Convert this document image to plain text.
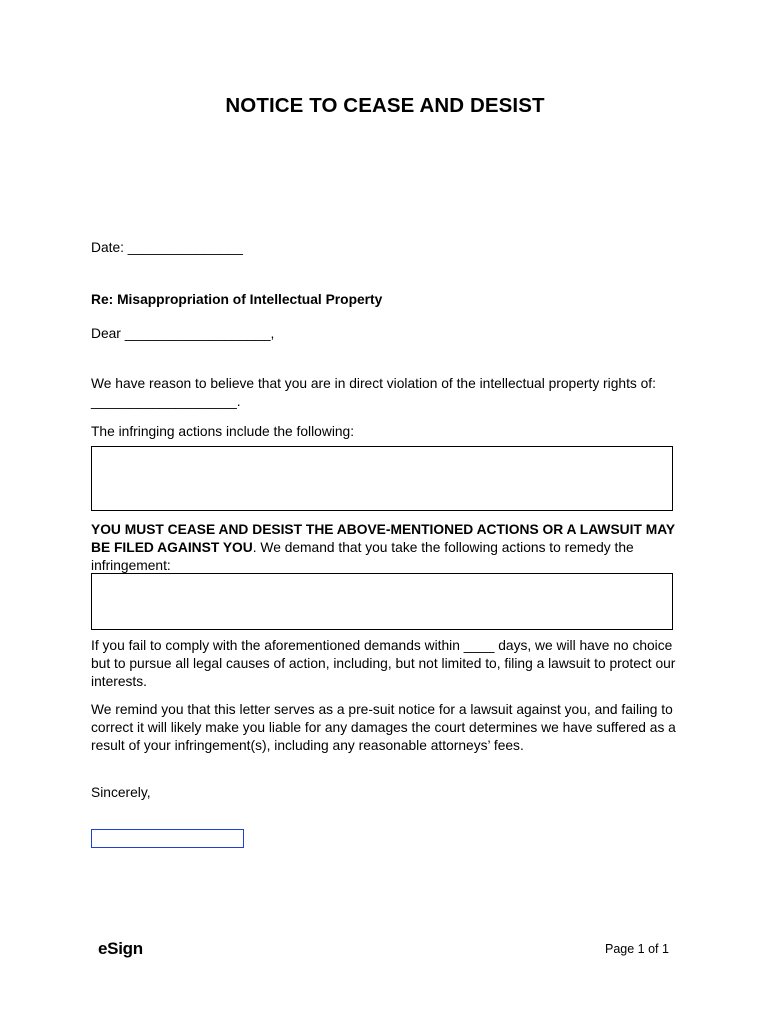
NOTICE TO CEASE AND DESIST
Date: _______________
Re: Misappropriation of Intellectual Property
Dear ___________________,
We have reason to believe that you are in direct violation of the intellectual property rights of: ___________________.
The infringing actions include the following:
YOU MUST CEASE AND DESIST THE ABOVE-MENTIONED ACTIONS OR A LAWSUIT MAY BE FILED AGAINST YOU. We demand that you take the following actions to remedy the infringement:
If you fail to comply with the aforementioned demands within ____ days, we will have no choice but to pursue all legal causes of action, including, but not limited to, filing a lawsuit to protect our interests.
We remind you that this letter serves as a pre-suit notice for a lawsuit against you, and failing to correct it will likely make you liable for any damages the court determines we have suffered as a result of your infringement(s), including any reasonable attorneys’ fees.
Sincerely,
eSign	Page 1 of 1
